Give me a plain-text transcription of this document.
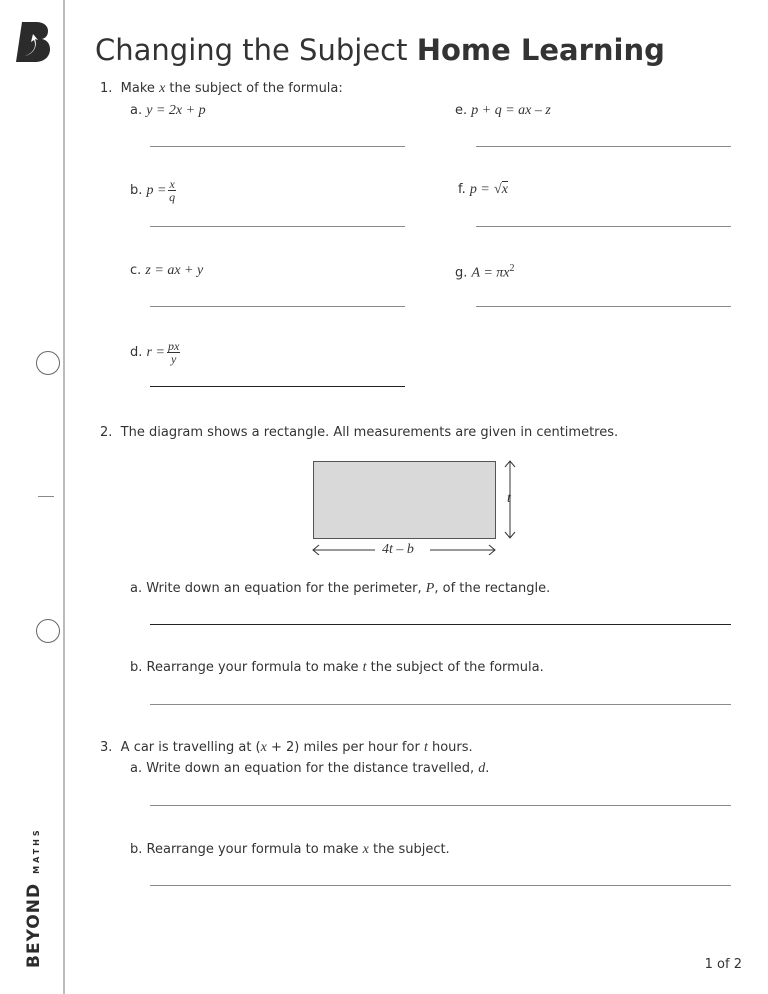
BEYOND MATHS
Changing the Subject Home Learning
1. Make x the subject of the formula:
a. y = 2x + p
b. $p = \frac{x}{q}$
c. z = ax + y
d. $r = \frac{px}{y}$
e. p + q = ax – z
f. p = √x
g. $A = \pi x^2$
2. The diagram shows a rectangle. All measurements are given in centimetres.
t
4t – b
a. Write down an equation for the perimeter, P, of the rectangle.
b. Rearrange your formula to make t the subject of the formula.
3. A car is travelling at (x + 2) miles per hour for t hours.
a. Write down an equation for the distance travelled, d.
b. Rearrange your formula to make x the subject.
1 of 2
